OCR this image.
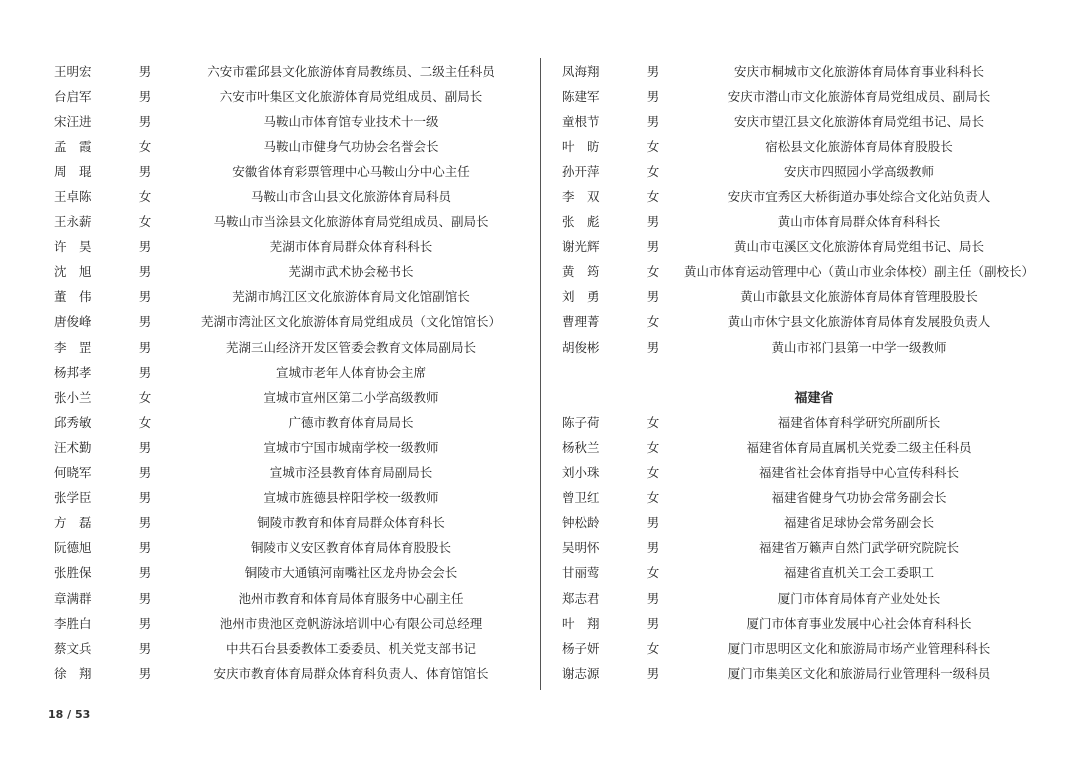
王明宏	男	六安市霍邱县文化旅游体育局教练员、二级主任科员
台启军	男	六安市叶集区文化旅游体育局党组成员、副局长
宋汪进	男	马鞍山市体育馆专业技术十一级
孟　霞	女	马鞍山市健身气功协会名誉会长
周　琨	男	安徽省体育彩票管理中心马鞍山分中心主任
王卓陈	女	马鞍山市含山县文化旅游体育局科员
王永薪	女	马鞍山市当涂县文化旅游体育局党组成员、副局长
许　昊	男	芜湖市体育局群众体育科科长
沈　旭	男	芜湖市武术协会秘书长
董　伟	男	芜湖市鸠江区文化旅游体育局文化馆副馆长
唐俊峰	男	芜湖市湾沚区文化旅游体育局党组成员（文化馆馆长）
李　罡	男	芜湖三山经济开发区管委会教育文体局副局长
杨邦孝	男	宣城市老年人体育协会主席
张小兰	女	宣城市宣州区第二小学高级教师
邱秀敏	女	广德市教育体育局局长
汪术勤	男	宣城市宁国市城南学校一级教师
何晓军	男	宣城市泾县教育体育局副局长
张学臣	男	宣城市旌德县梓阳学校一级教师
方　磊	男	铜陵市教育和体育局群众体育科长
阮德旭	男	铜陵市义安区教育体育局体育股股长
张胜保	男	铜陵市大通镇河南嘴社区龙舟协会会长
章满群	男	池州市教育和体育局体育服务中心副主任
李胜白	男	池州市贵池区竞帆游泳培训中心有限公司总经理
蔡文兵	男	中共石台县委教体工委委员、机关党支部书记
徐　翔	男	安庆市教育体育局群众体育科负责人、体育馆馆长
凤海翔	男	安庆市桐城市文化旅游体育局体育事业科科长
陈建军	男	安庆市潜山市文化旅游体育局党组成员、副局长
童根节	男	安庆市望江县文化旅游体育局党组书记、局长
叶　昉	女	宿松县文化旅游体育局体育股股长
孙开萍	女	安庆市四照园小学高级教师
李　双	女	安庆市宜秀区大桥街道办事处综合文化站负责人
张　彪	男	黄山市体育局群众体育科科长
谢光辉	男	黄山市屯溪区文化旅游体育局党组书记、局长
黄　筠	女	黄山市体育运动管理中心（黄山市业余体校）副主任（副校长）
刘　勇	男	黄山市歙县文化旅游体育局体育管理股股长
曹理菁	女	黄山市休宁县文化旅游体育局体育发展股负责人
胡俊彬	男	黄山市祁门县第一中学一级教师
福建省
陈子荷	女	福建省体育科学研究所副所长
杨秋兰	女	福建省体育局直属机关党委二级主任科员
刘小珠	女	福建省社会体育指导中心宣传科科长
曾卫红	女	福建省健身气功协会常务副会长
钟松龄	男	福建省足球协会常务副会长
吴明怀	男	福建省万籁声自然门武学研究院院长
甘丽莺	女	福建省直机关工会工委职工
郑志君	男	厦门市体育局体育产业处处长
叶　翔	男	厦门市体育事业发展中心社会体育科科长
杨子妍	女	厦门市思明区文化和旅游局市场产业管理科科长
谢志源	男	厦门市集美区文化和旅游局行业管理科一级科员
18 / 53
